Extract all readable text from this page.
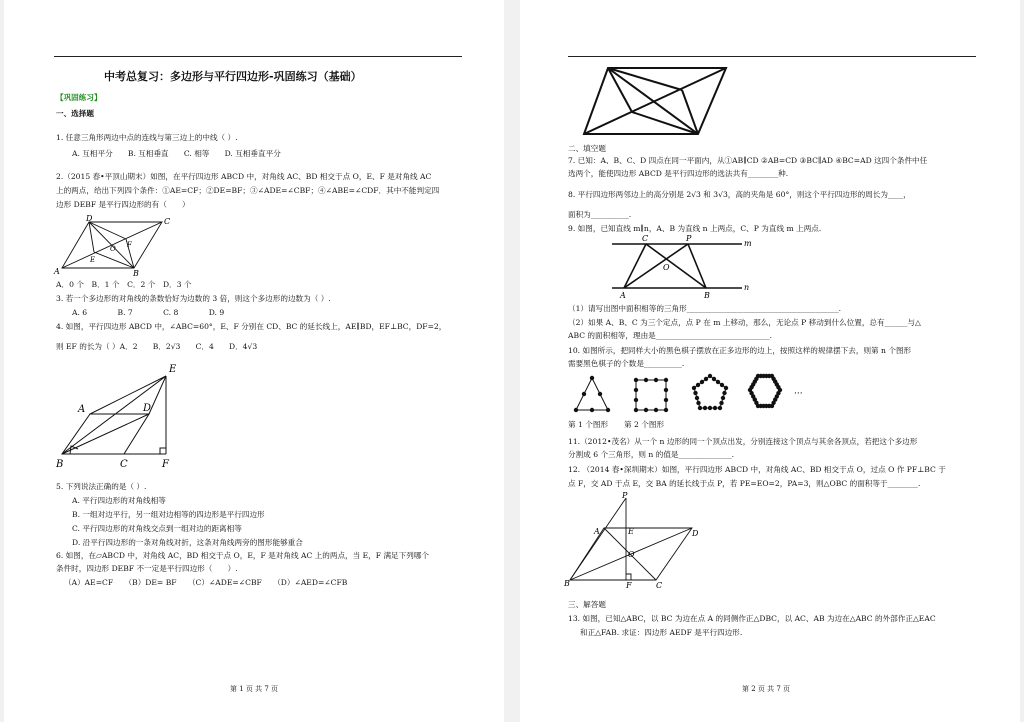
中考总复习：多边形与平行四边形-巩固练习（基础）
【巩固练习】
一、选择题
1. 任意三角形两边中点的连线与第三边上的中线（ ）.
A. 互相平分　　B. 互相垂直　　C. 相等　　D. 互相垂直平分
2.（2015 春•平顶山期末）如图，在平行四边形 ABCD 中，对角线 AC、BD 相交于点 O，E、F 是对角线 AC
上的两点，给出下列四个条件：①AE=CF；②DE=BF；③∠ADE=∠CBF；④∠ABE=∠CDF．其中不能判定四
边形 DEBF 是平行四边形的有（　　）
D	C
A	B
E
F
O
A．0 个　B．1 个　C．2 个　D．3 个
3. 若一个多边形的对角线的条数恰好为边数的 3 倍，则这个多边形的边数为（ ）.
A. 6　　　　B. 7　　　　C. 8　　　　D. 9
4. 如图，平行四边形 ABCD 中，∠ABC=60°，E、F 分别在 CD、BC 的延长线上，AE∥BD，EF⊥BC，DF=2，
则 EF 的长为（ ）A．2　　B．2√3　　C．4　　D．4√3
E
A	D
B	C	F
5. 下列说法正确的是（ ）.
A. 平行四边形的对角线相等
B. 一组对边平行，另一组对边相等的四边形是平行四边形
C. 平行四边形的对角线交点到一组对边的距离相等
D. 沿平行四边形的一条对角线对折，这条对角线两旁的图形能够重合
6. 如图，在▱ABCD 中，对角线 AC，BD 相交于点 O，E，F 是对角线 AC 上的两点，当 E，F 满足下列哪个
条件时，四边形 DEBF 不一定是平行四边形（　　）.
（A）AE=CF　　（B）DE= BF　　（C）∠ADE=∠CBF　　（D）∠AED=∠CFB
第 1 页 共 7 页
二、填空题
7. 已知：A、B、C、D 四点在同一平面内，从①AB∥CD ②AB=CD ③BC∥AD ④BC=AD 这四个条件中任
选两个，能使四边形 ABCD 是平行四边形的选法共有________种.
8. 平行四边形两邻边上的高分别是 2√3 和 3√3，高的夹角是 60°，则这个平行四边形的周长为____，
面积为__________.
9. 如图，已知直线 m∥n，A、B 为直线 n 上两点，C、P 为直线 m 上两点.
C	P
m
n
A	B
O
（1）请写出图中面积相等的三角形________________________________________.
（2）如果 A、B、C 为三个定点，点 P 在 m 上移动，那么，无论点 P 移动到什么位置，总有______与△
ABC 的面积相等，理由是______________________________.
10. 如图所示，把同样大小的黑色棋子摆放在正多边形的边上，按照这样的规律摆下去，则第 n 个图形
需要黑色棋子的个数是__________.
···
第 1 个图形 第 2 个图形
11.（2012•茂名）从一个 n 边形的同一个顶点出发，分别连接这个顶点与其余各顶点，若把这个多边形
分割成 6 个三角形，则 n 的值是______________.
12. （2014 春•深圳期末）如图，平行四边形 ABCD 中，对角线 AC、BD 相交于点 O，过点 O 作 PF⊥BC 于
点 F，交 AD 于点 E，交 BA 的延长线于点 P，若 PE=EO=2，PA=3，则△OBC 的面积等于________.
P
A	E	D
O
B	F	C
三、解答题
13. 如图，已知△ABC，以 BC 为边在点 A 的同侧作正△DBC，以 AC、AB 为边在△ABC 的外部作正△EAC
和正△FAB. 求证：四边形 AEDF 是平行四边形.
第 2 页 共 7 页
